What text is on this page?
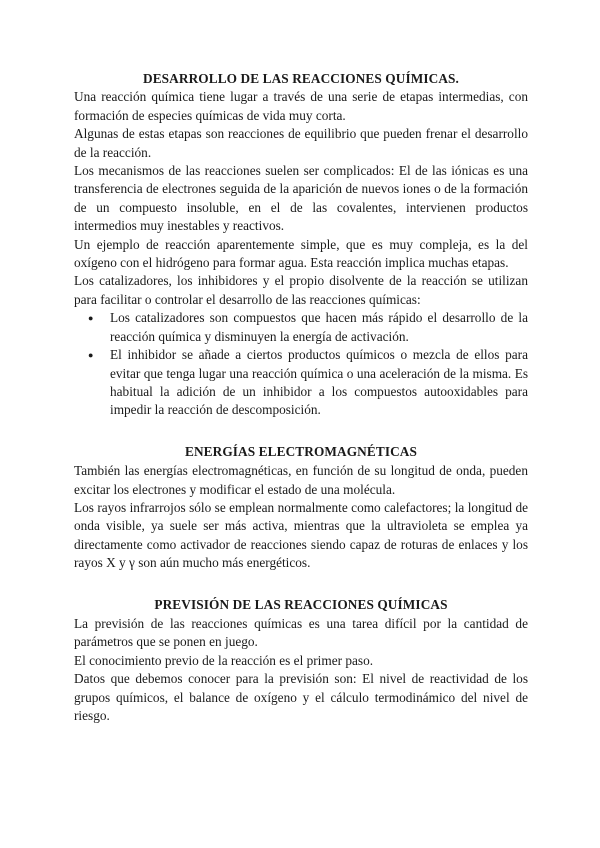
DESARROLLO DE LAS REACCIONES QUÍMICAS.

Una reacción química tiene lugar a través de una serie de etapas intermedias, con formación de especies químicas de vida muy corta.

Algunas de estas etapas son reacciones de equilibrio que pueden frenar el desarrollo de la reacción.

Los mecanismos de las reacciones suelen ser complicados: El de las iónicas es una transferencia de electrones seguida de la aparición de nuevos iones o de la formación de un compuesto insoluble, en el de las covalentes, intervienen productos intermedios muy inestables y reactivos.

Un ejemplo de reacción aparentemente simple, que es muy compleja, es la del oxígeno con el hidrógeno para formar agua. Esta reacción implica muchas etapas.

Los catalizadores, los inhibidores y el propio disolvente de la reacción se utilizan para facilitar o controlar el desarrollo de las reacciones químicas:

● Los catalizadores son compuestos que hacen más rápido el desarrollo de la reacción química y disminuyen la energía de activación.
● El inhibidor se añade a ciertos productos químicos o mezcla de ellos para evitar que tenga lugar una reacción química o una aceleración de la misma. Es habitual la adición de un inhibidor a los compuestos autooxidables para impedir la reacción de descomposición.
ENERGÍAS ELECTROMAGNÉTICAS

También las energías electromagnéticas, en función de su longitud de onda, pueden excitar los electrones y modificar el estado de una molécula.

Los rayos infrarrojos sólo se emplean normalmente como calefactores; la longitud de onda visible, ya suele ser más activa, mientras que la ultravioleta se emplea ya directamente como activador de reacciones siendo capaz de roturas de enlaces y los rayos X y γ son aún mucho más energéticos.

PREVISIÓN DE LAS REACCIONES QUÍMICAS

La previsión de las reacciones químicas es una tarea difícil por la cantidad de parámetros que se ponen en juego.

El conocimiento previo de la reacción es el primer paso.

Datos que debemos conocer para la previsión son: El nivel de reactividad de los grupos químicos, el balance de oxígeno y el cálculo termodinámico del nivel de riesgo.
